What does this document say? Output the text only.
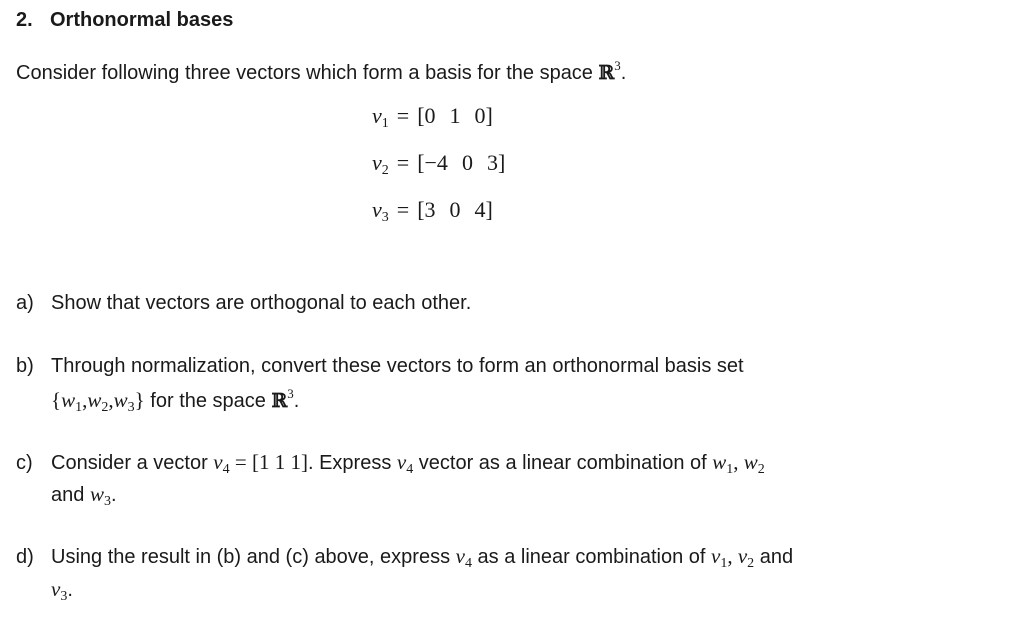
2. Orthonormal bases
Consider following three vectors which form a basis for the space ℝ$^3$.
$v_1 = [0$ 1 0]
$v_2 = [-4$ 0 3]
$v_3 = [3$ 0 4]
a) Show that vectors are orthogonal to each other.
b) Through normalization, convert these vectors to form an orthonormal basis set
$\{w_1,w_2,w_3\}$ for the space ℝ$^3$.
c) Consider a vector $v_4 = [1$ 1 1]. Express $v_4$ vector as a linear combination of $w_1$, $w_2$
and $w_3$.
d) Using the result in (b) and (c) above, express $v_4$ as a linear combination of $v_1$, $v_2$ and
$v_3$.
